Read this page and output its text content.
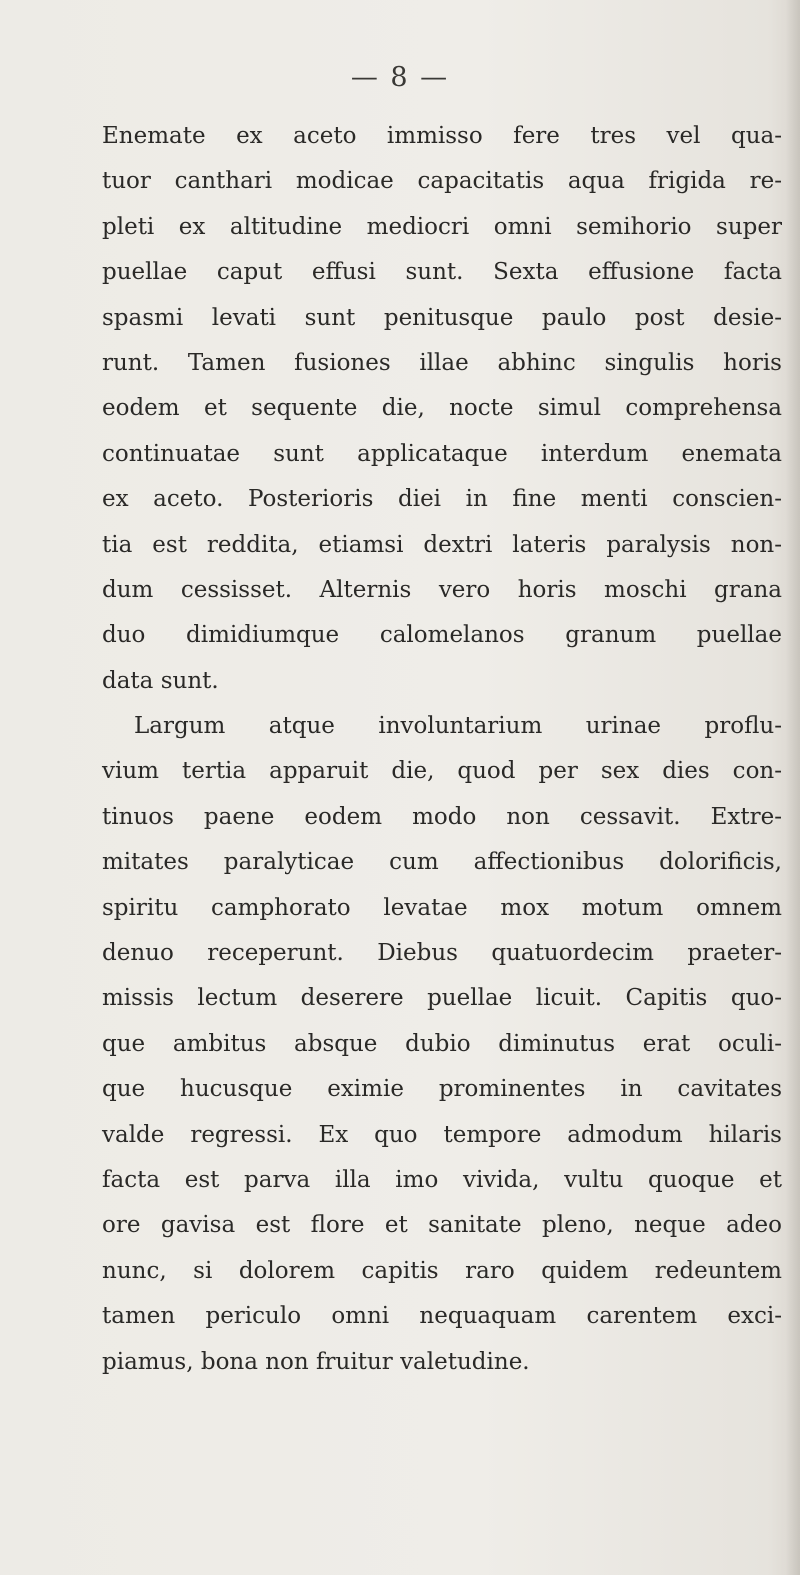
— 8 —
Enemate ex aceto immisso fere tres vel qua-
tuor canthari modicae capacitatis aqua frigida re-
pleti ex altitudine mediocri omni semihorio super
puellae caput effusi sunt. Sexta effusione facta
spasmi levati sunt penitusque paulo post desie-
runt. Tamen fusiones illae abhinc singulis horis
eodem et sequente die, nocte simul comprehensa
continuatae sunt applicataque interdum enemata
ex aceto. Posterioris diei in fine menti conscien-
tia est reddita, etiamsi dextri lateris paralysis non-
dum cessisset. Alternis vero horis moschi grana
duo dimidiumque calomelanos granum puellae
data sunt.
Largum atque involuntarium urinae proflu-
vium tertia apparuit die, quod per sex dies con-
tinuos paene eodem modo non cessavit. Extre-
mitates paralyticae cum affectionibus dolorificis,
spiritu camphorato levatae mox motum omnem
denuo receperunt. Diebus quatuordecim praeter-
missis lectum deserere puellae licuit. Capitis quo-
que ambitus absque dubio diminutus erat oculi-
que hucusque eximie prominentes in cavitates
valde regressi. Ex quo tempore admodum hilaris
facta est parva illa imo vivida, vultu quoque et
ore gavisa est flore et sanitate pleno, neque adeo
nunc, si dolorem capitis raro quidem redeuntem
tamen periculo omni nequaquam carentem exci-
piamus, bona non fruitur valetudine.
